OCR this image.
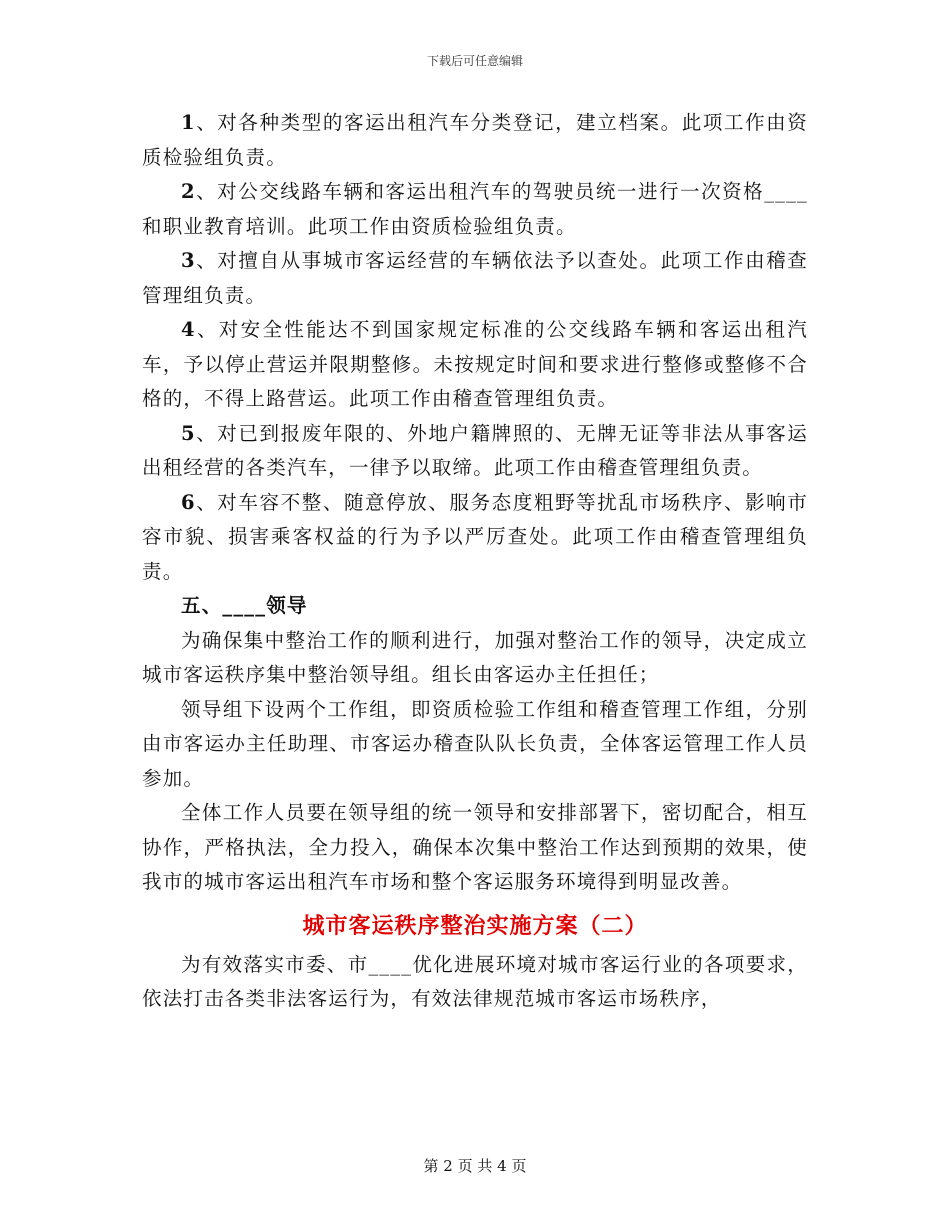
下载后可任意编辑

1、对各种类型的客运出租汽车分类登记，建立档案。此项工作由资质检验组负责。

2、对公交线路车辆和客运出租汽车的驾驶员统一进行一次资格____和职业教育培训。此项工作由资质检验组负责。

3、对擅自从事城市客运经营的车辆依法予以查处。此项工作由稽查管理组负责。

4、对安全性能达不到国家规定标准的公交线路车辆和客运出租汽车，予以停止营运并限期整修。未按规定时间和要求进行整修或整修不合格的，不得上路营运。此项工作由稽查管理组负责。

5、对已到报废年限的、外地户籍牌照的、无牌无证等非法从事客运出租经营的各类汽车，一律予以取缔。此项工作由稽查管理组负责。

6、对车容不整、随意停放、服务态度粗野等扰乱市场秩序、影响市容市貌、损害乘客权益的行为予以严厉查处。此项工作由稽查管理组负责。

五、____领导

为确保集中整治工作的顺利进行，加强对整治工作的领导，决定成立城市客运秩序集中整治领导组。组长由客运办主任担任；

领导组下设两个工作组，即资质检验工作组和稽查管理工作组，分别由市客运办主任助理、市客运办稽查队队长负责，全体客运管理工作人员参加。

全体工作人员要在领导组的统一领导和安排部署下，密切配合，相互协作，严格执法，全力投入，确保本次集中整治工作达到预期的效果，使我市的城市客运出租汽车市场和整个客运服务环境得到明显改善。

城市客运秩序整治实施方案（二）

为有效落实市委、市____优化进展环境对城市客运行业的各项要求，依法打击各类非法客运行为，有效法律规范城市客运市场秩序，

第 2 页 共 4 页
